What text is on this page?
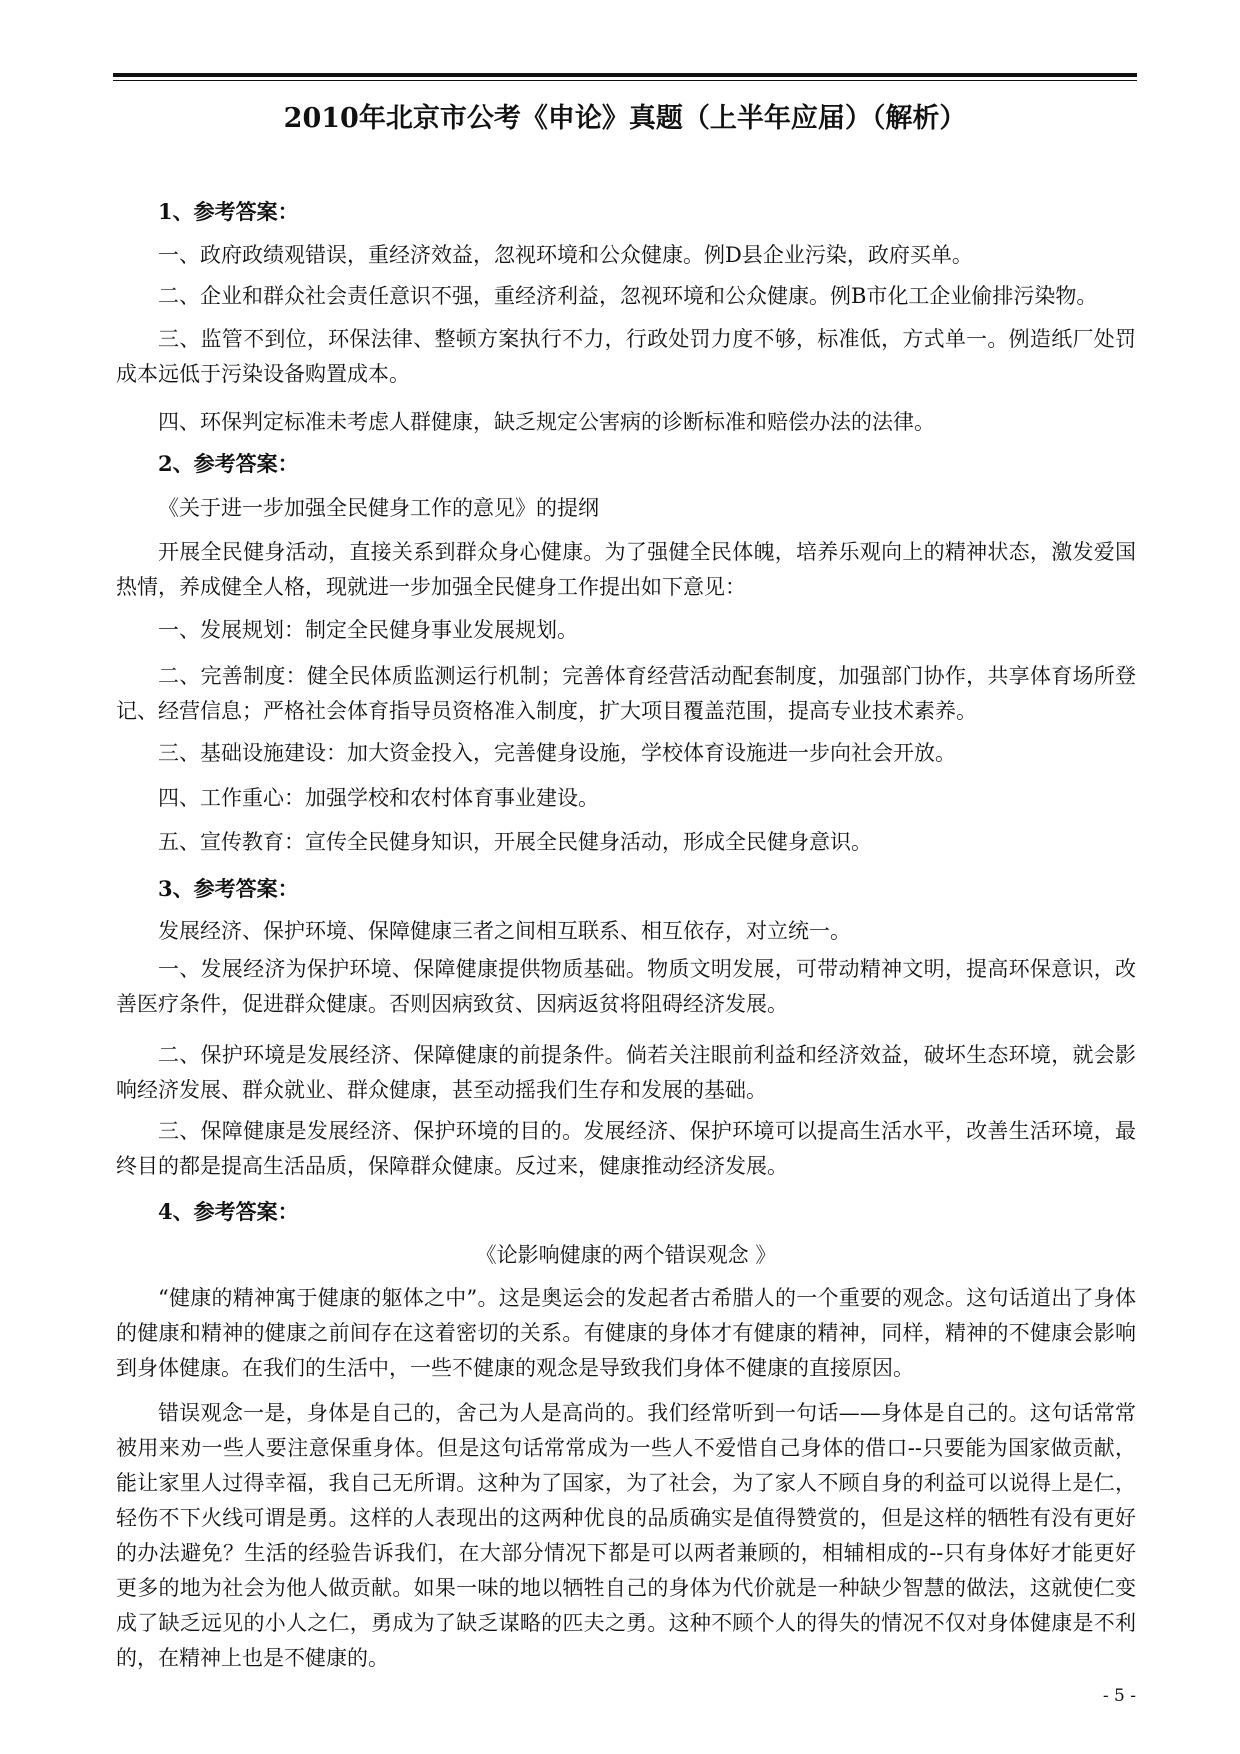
2010年北京市公考《申论》真题（上半年应届）（解析）
1、参考答案：
一、政府政绩观错误，重经济效益，忽视环境和公众健康。例D县企业污染，政府买单。
二、企业和群众社会责任意识不强，重经济利益，忽视环境和公众健康。例B市化工企业偷排污染物。
三、监管不到位，环保法律、整顿方案执行不力，行政处罚力度不够，标准低，方式单一。例造纸厂处罚成本远低于污染设备购置成本。
四、环保判定标准未考虑人群健康，缺乏规定公害病的诊断标准和赔偿办法的法律。
2、参考答案：
《关于进一步加强全民健身工作的意见》的提纲
开展全民健身活动，直接关系到群众身心健康。为了强健全民体魄，培养乐观向上的精神状态，激发爱国热情，养成健全人格，现就进一步加强全民健身工作提出如下意见：
一、发展规划：制定全民健身事业发展规划。
二、完善制度：健全民体质监测运行机制；完善体育经营活动配套制度，加强部门协作，共享体育场所登记、经营信息；严格社会体育指导员资格准入制度，扩大项目覆盖范围，提高专业技术素养。
三、基础设施建设：加大资金投入，完善健身设施，学校体育设施进一步向社会开放。
四、工作重心：加强学校和农村体育事业建设。
五、宣传教育：宣传全民健身知识，开展全民健身活动，形成全民健身意识。
3、参考答案：
发展经济、保护环境、保障健康三者之间相互联系、相互依存，对立统一。
一、发展经济为保护环境、保障健康提供物质基础。物质文明发展，可带动精神文明，提高环保意识，改善医疗条件，促进群众健康。否则因病致贫、因病返贫将阻碍经济发展。
二、保护环境是发展经济、保障健康的前提条件。倘若关注眼前利益和经济效益，破坏生态环境，就会影响经济发展、群众就业、群众健康，甚至动摇我们生存和发展的基础。
三、保障健康是发展经济、保护环境的目的。发展经济、保护环境可以提高生活水平，改善生活环境，最终目的都是提高生活品质，保障群众健康。反过来，健康推动经济发展。
4、参考答案：
《论影响健康的两个错误观念 》
“健康的精神寓于健康的躯体之中”。这是奥运会的发起者古希腊人的一个重要的观念。这句话道出了身体的健康和精神的健康之前间存在这着密切的关系。有健康的身体才有健康的精神，同样，精神的不健康会影响到身体健康。在我们的生活中，一些不健康的观念是导致我们身体不健康的直接原因。
错误观念一是，身体是自己的，舍己为人是高尚的。我们经常听到一句话——身体是自己的。这句话常常被用来劝一些人要注意保重身体。但是这句话常常成为一些人不爱惜自己身体的借口--只要能为国家做贡献，能让家里人过得幸福，我自己无所谓。这种为了国家，为了社会，为了家人不顾自身的利益可以说得上是仁，轻伤不下火线可谓是勇。这样的人表现出的这两种优良的品质确实是值得赞赏的，但是这样的牺牲有没有更好的办法避免？生活的经验告诉我们，在大部分情况下都是可以两者兼顾的，相辅相成的--只有身体好才能更好更多的地为社会为他人做贡献。如果一味的地以牺牲自己的身体为代价就是一种缺少智慧的做法，这就使仁变成了缺乏远见的小人之仁，勇成为了缺乏谋略的匹夫之勇。这种不顾个人的得失的情况不仅对身体健康是不利的，在精神上也是不健康的。
- 5 -
